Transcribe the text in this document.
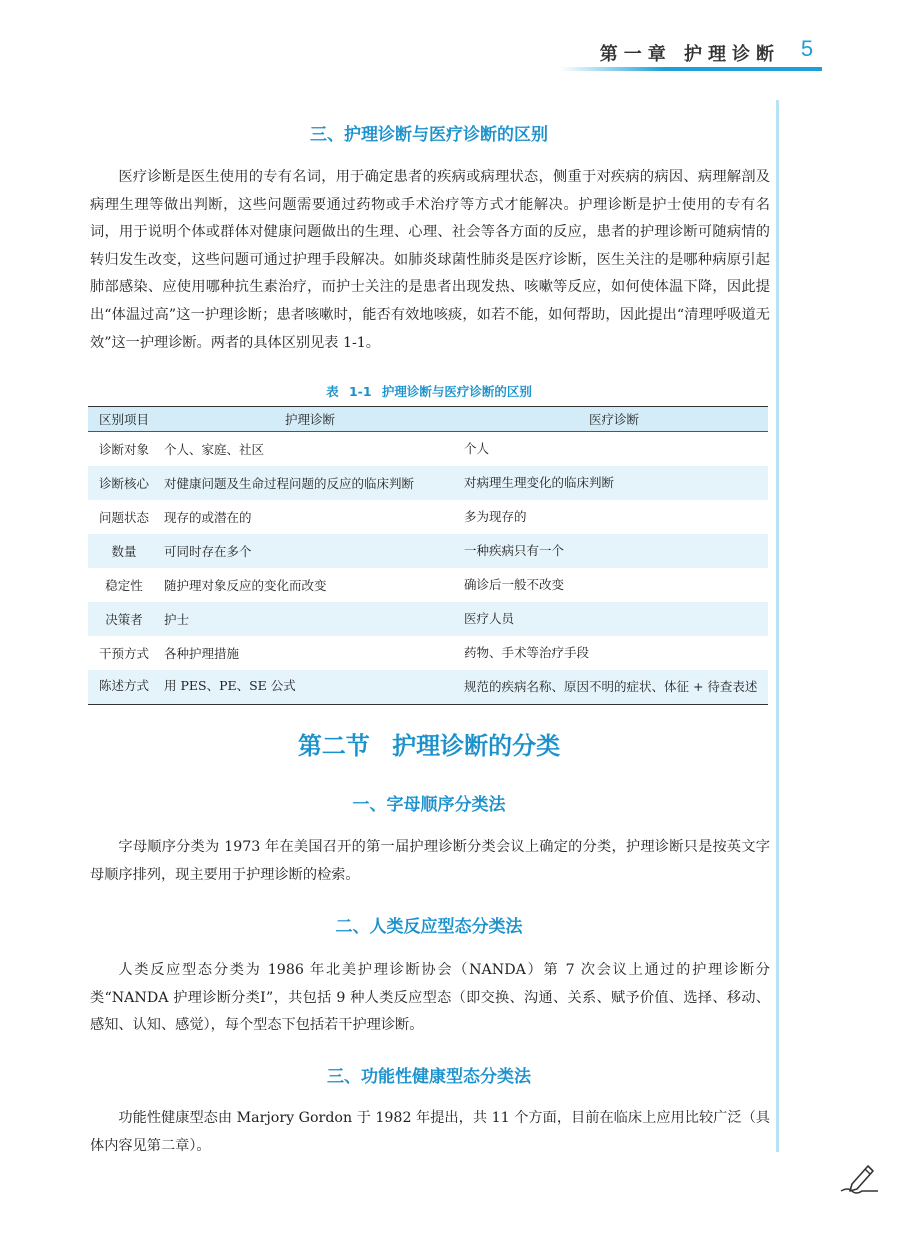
第一章 护理诊断 5
三、护理诊断与医疗诊断的区别

医疗诊断是医生使用的专有名词，用于确定患者的疾病或病理状态，侧重于对疾病的病因、病理解剖及病理生理等做出判断，这些问题需要通过药物或手术治疗等方式才能解决。护理诊断是护士使用的专有名词，用于说明个体或群体对健康问题做出的生理、心理、社会等各方面的反应，患者的护理诊断可随病情的转归发生改变，这些问题可通过护理手段解决。如肺炎球菌性肺炎是医疗诊断，医生关注的是哪种病原引起肺部感染、应使用哪种抗生素治疗，而护士关注的是患者出现发热、咳嗽等反应，如何使体温下降，因此提出“体温过高”这一护理诊断；患者咳嗽时，能否有效地咳痰，如若不能，如何帮助，因此提出“清理呼吸道无效”这一护理诊断。两者的具体区别见表 1-1。

表 1-1 护理诊断与医疗诊断的区别
区别项目	护理诊断	医疗诊断
诊断对象	个人、家庭、社区	个人
诊断核心	对健康问题及生命过程问题的反应的临床判断	对病理生理变化的临床判断
问题状态	现存的或潜在的	多为现存的
数量	可同时存在多个	一种疾病只有一个
稳定性	随护理对象反应的变化而改变	确诊后一般不改变
决策者	护士	医疗人员
干预方式	各种护理措施	药物、手术等治疗手段
陈述方式	用 PES、PE、SE 公式	规范的疾病名称、原因不明的症状、体征 + 待查表述
第二节 护理诊断的分类
一、字母顺序分类法

字母顺序分类为 1973 年在美国召开的第一届护理诊断分类会议上确定的分类，护理诊断只是按英文字母顺序排列，现主要用于护理诊断的检索。

二、人类反应型态分类法

人类反应型态分类为 1986 年北美护理诊断协会（NANDA）第 7 次会议上通过的护理诊断分类“NANDA 护理诊断分类Ⅰ”，共包括 9 种人类反应型态（即交换、沟通、关系、赋予价值、选择、移动、感知、认知、感觉），每个型态下包括若干护理诊断。

三、功能性健康型态分类法

功能性健康型态由 Marjory Gordon 于 1982 年提出，共 11 个方面，目前在临床上应用比较广泛（具体内容见第二章）。
